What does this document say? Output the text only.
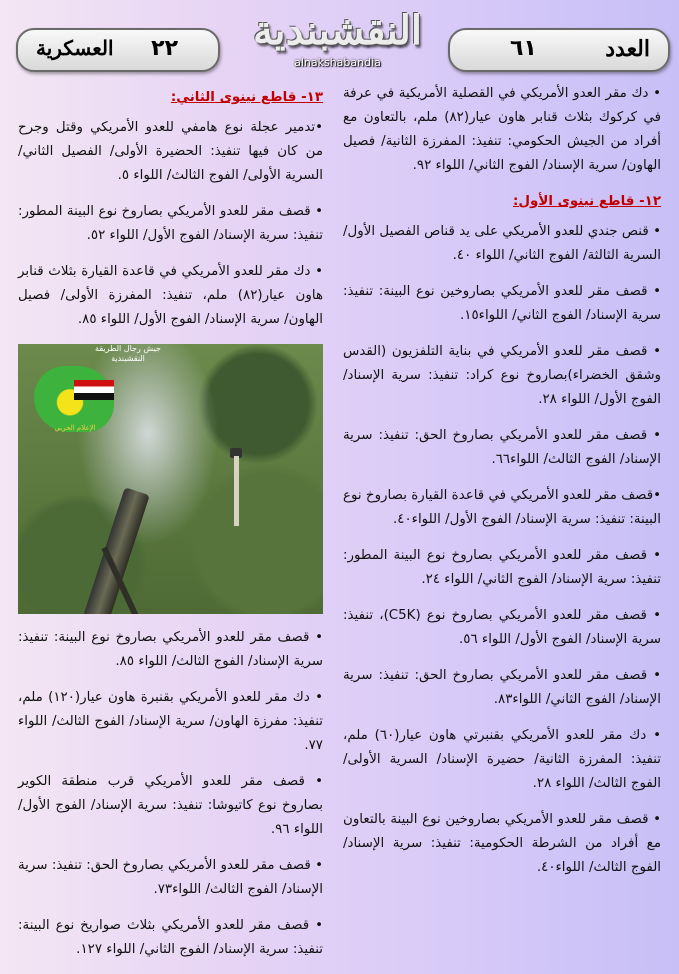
العدد
٦١
النقشبندية
alnakshabandia
العسكرية ٢٢

• دك مقر العدو الأمريكي في القصلية الأمريكية في عرفة في كركوك بثلاث قنابر هاون عيار(٨٢) ملم، بالتعاون مع أفراد من الجيش الحكومي: تنفيذ: المفرزة الثانية/ فصيل الهاون/ سرية الإسناد/ الفوج الثاني/ اللواء ٩٢.

١٢- قاطع نينوى الأول:

• قنص جندي للعدو الأمريكي على يد قناص الفصيل الأول/ السرية الثالثة/ الفوج الثاني/ اللواء ٤٠.

• قصف مقر للعدو الأمريكي بصاروخين نوع البينة: تنفيذ: سرية الإسناد/ الفوج الثاني/ اللواء١٥.

• قصف مقر للعدو الأمريكي في بناية التلفزيون (القدس وشقق الخضراء)بصاروخ نوع كراد: تنفيذ: سرية الإسناد/ الفوج الأول/ اللواء ٢٨.

• قصف مقر للعدو الأمريكي بصاروخ الحق: تنفيذ: سرية الإسناد/ الفوج الثالث/ اللواء٦٦.

•قصف مقر للعدو الأمريكي في قاعدة القيارة بصاروخ نوع البينة: تنفيذ: سرية الإسناد/ الفوج الأول/ اللواء٤٠.

• قصف مقر للعدو الأمريكي بصاروخ نوع البينة المطور: تنفيذ: سرية الإسناد/ الفوج الثاني/ اللواء ٢٤.

• قصف مقر للعدو الأمريكي بصاروخ نوع (C5K)، تنفيذ: سرية الإسناد/ الفوج الأول/ اللواء ٥٦.

• قصف مقر للعدو الأمريكي بصاروخ الحق: تنفيذ: سرية الإسناد/ الفوج الثاني/ اللواء٨٣.

• دك مقر للعدو الأمريكي بقنبرتي هاون عيار(٦٠) ملم، تنفيذ: المفرزة الثانية/ حضيرة الإسناد/ السرية الأولى/ الفوج الثالث/ اللواء ٢٨.

• قصف مقر للعدو الأمريكي بصاروخين نوع البينة بالتعاون مع أفراد من الشرطة الحكومية: تنفيذ: سرية الإسناد/ الفوج الثالث/ اللواء٤٠.

١٣- قاطع نينوى الثاني:

•تدمير عجلة نوع هامفي للعدو الأمريكي وقتل وجرح من كان فيها تنفيذ: الحضيرة الأولى/ الفصيل الثاني/ السرية الأولى/ الفوج الثالث/ اللواء ٥.

• قصف مقر للعدو الأمريكي بصاروخ نوع البينة المطور: تنفيذ: سرية الإسناد/ الفوج الأول/ اللواء ٥٢.

• دك مقر للعدو الأمريكي في قاعدة القيارة بثلاث قنابر هاون عيار(٨٢) ملم، تنفيذ: المفرزة الأولى/ فصيل الهاون/ سرية الإسناد/ الفوج الأول/ اللواء ٨٥.

جيش رجال الطريقة النقشبندية
الإعلام الحربي

• قصف مقر للعدو الأمريكي بصاروخ نوع البينة: تنفيذ: سرية الإسناد/ الفوج الثالث/ اللواء ٨٥.

• دك مقر للعدو الأمريكي بقنبرة هاون عيار(١٢٠) ملم، تنفيذ: مفرزة الهاون/ سرية الإسناد/ الفوج الثالث/ اللواء ٧٧.

• قصف مقر للعدو الأمريكي قرب منطقة الكوير بصاروخ نوع كاتيوشا: تنفيذ: سرية الإسناد/ الفوج الأول/ اللواء ٩٦.

• قصف مقر للعدو الأمريكي بصاروخ الحق: تنفيذ: سرية الإسناد/ الفوج الثالث/ اللواء٧٣.

• قصف مقر للعدو الأمريكي بثلاث صواريخ نوع البينة: تنفيذ: سرية الإسناد/ الفوج الثاني/ اللواء ١٢٧.
